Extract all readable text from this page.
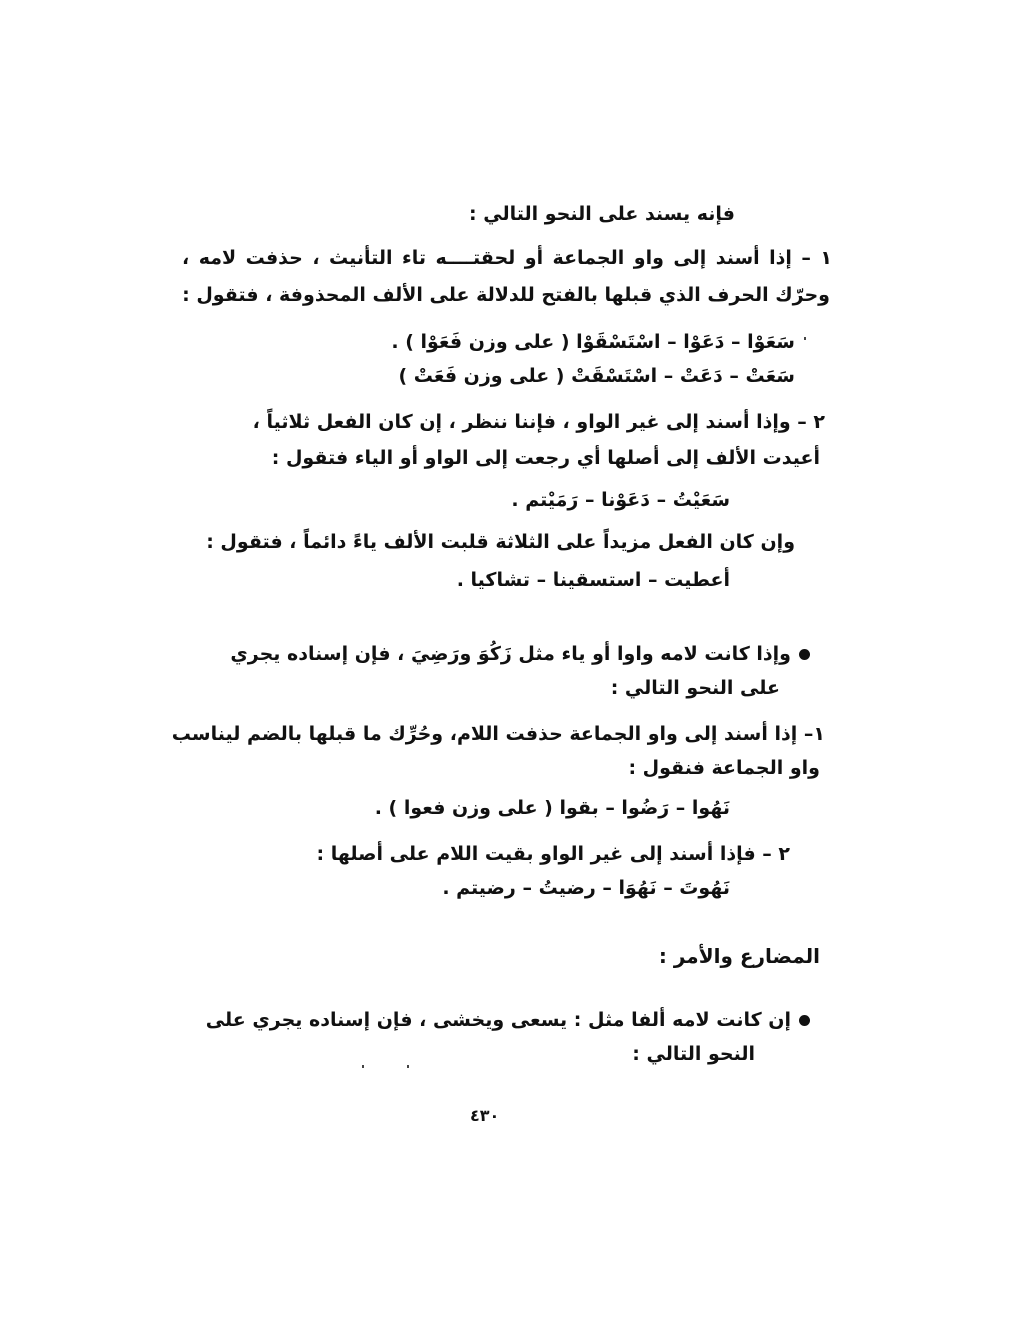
فإنه يسند على النحو التالي :
١ – إذا أسند إلى واو الجماعة أو لحقتــــه تاء التأنيث ، حذفت لامه ،
وحرّك الحرف الذي قبلها بالفتح للدلالة على الألف المحذوفة ، فتقول :
سَعَوْا – دَعَوْا – اسْتَسْقَوْا ( على وزن فَعَوْا ) .
سَعَتْ – دَعَتْ – اسْتَسْقَتْ ( على وزن فَعَتْ )
٢ – وإذا أسند إلى غير الواو ، فإننا ننظر ، إن كان الفعل ثلاثياً ،
أعيدت الألف إلى أصلها أي رجعت إلى الواو أو الياء فتقول :
سَعَيْتُ – دَعَوْنا – رَمَيْتم .
وإن كان الفعل مزيداً على الثلاثة قلبت الألف ياءً دائماً ، فتقول :
أعطيت – استسقينا – تشاكيا .
وإذا كانت لامه واوا أو ياء مثل زَكُوَ ورَضِيَ ، فإن إسناده يجري
على النحو التالي :
١– إذا أسند إلى واو الجماعة حذفت اللام، وحُرِّك ما قبلها بالضم ليناسب
واو الجماعة فنقول :
نَهُوا – رَضُوا – بقوا ( على وزن فعوا ) .
٢ – فإذا أسند إلى غير الواو بقيت اللام على أصلها :
نَهُوتَ – نَهُوَا – رضيتُ – رضيتم .
المضارع والأمر :
إن كانت لامه ألفا مثل : يسعى ويخشى ، فإن إسناده يجري على
النحو التالي :
٤٣٠
